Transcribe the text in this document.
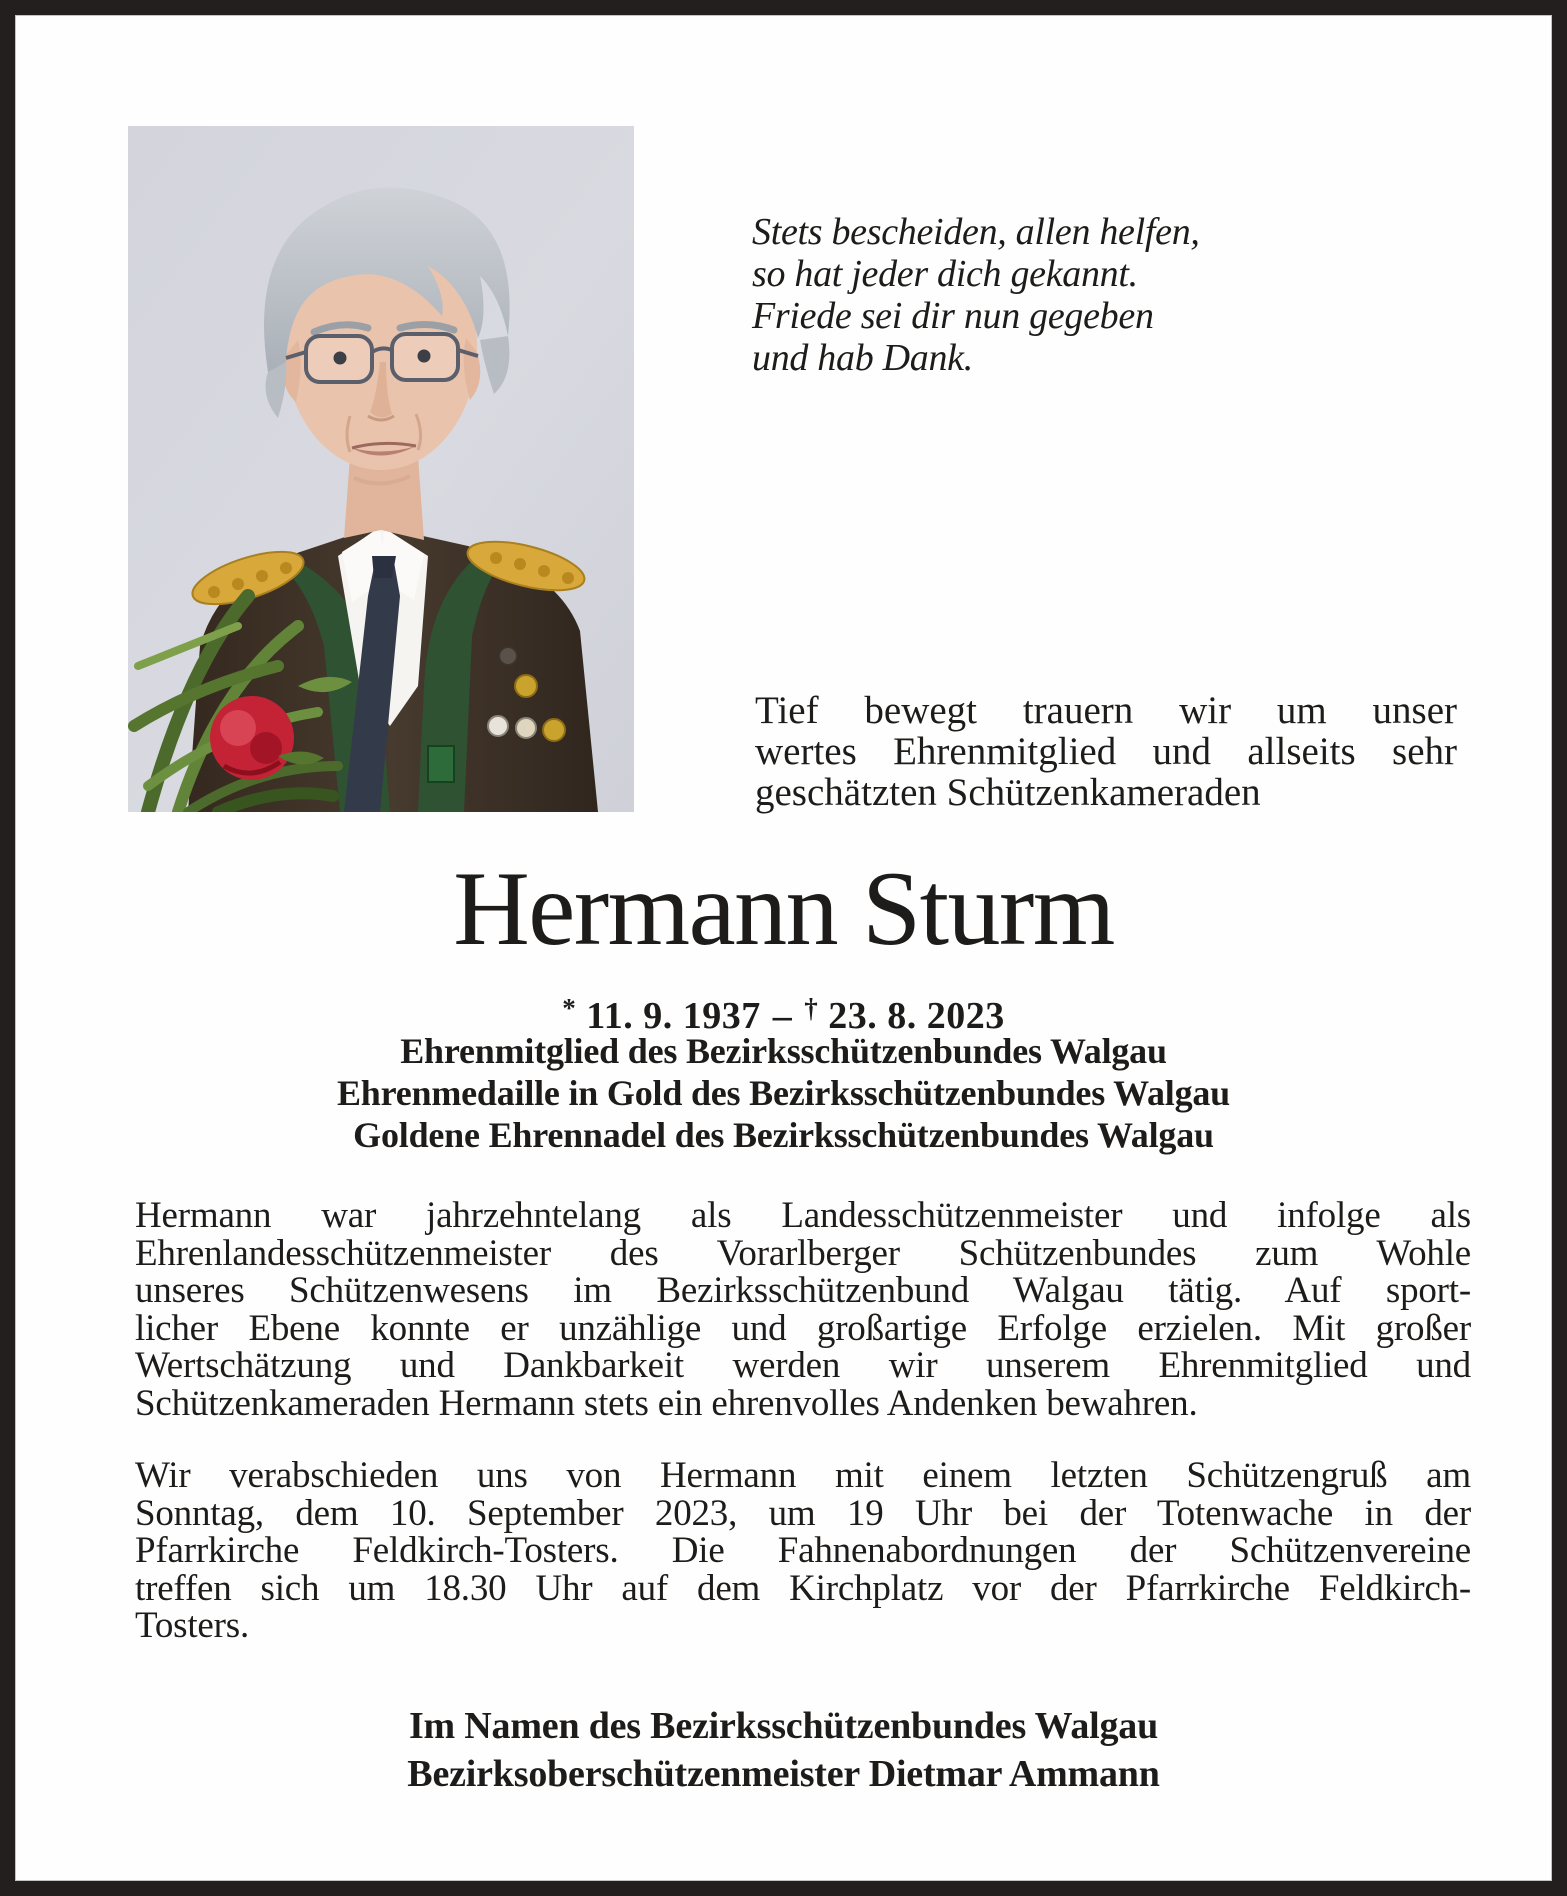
Stets bescheiden, allen helfen,
so hat jeder dich gekannt.
Friede sei dir nun gegeben
und hab Dank.
Tief bewegt trauern wir um unser
wertes Ehrenmitglied und allseits sehr
geschätzten Schützenkameraden
Hermann Sturm
* 11. 9. 1937 – † 23. 8. 2023
Ehrenmitglied des Bezirksschützenbundes Walgau
Ehrenmedaille in Gold des Bezirksschützenbundes Walgau
Goldene Ehrennadel des Bezirksschützenbundes Walgau
Hermann war jahrzehntelang als Landesschützenmeister und infolge als
Ehrenlandesschützenmeister des Vorarlberger Schützenbundes zum Wohle
unseres Schützenwesens im Bezirksschützenbund Walgau tätig. Auf sport-
licher Ebene konnte er unzählige und großartige Erfolge erzielen. Mit großer
Wertschätzung und Dankbarkeit werden wir unserem Ehrenmitglied und
Schützenkameraden Hermann stets ein ehrenvolles Andenken bewahren.
Wir verabschieden uns von Hermann mit einem letzten Schützengruß am
Sonntag, dem 10. September 2023, um 19 Uhr bei der Totenwache in der
Pfarrkirche Feldkirch-Tosters. Die Fahnenabordnungen der Schützenvereine
treffen sich um 18.30 Uhr auf dem Kirchplatz vor der Pfarrkirche Feldkirch-
Tosters.
Im Namen des Bezirksschützenbundes Walgau
Bezirksoberschützenmeister Dietmar Ammann
